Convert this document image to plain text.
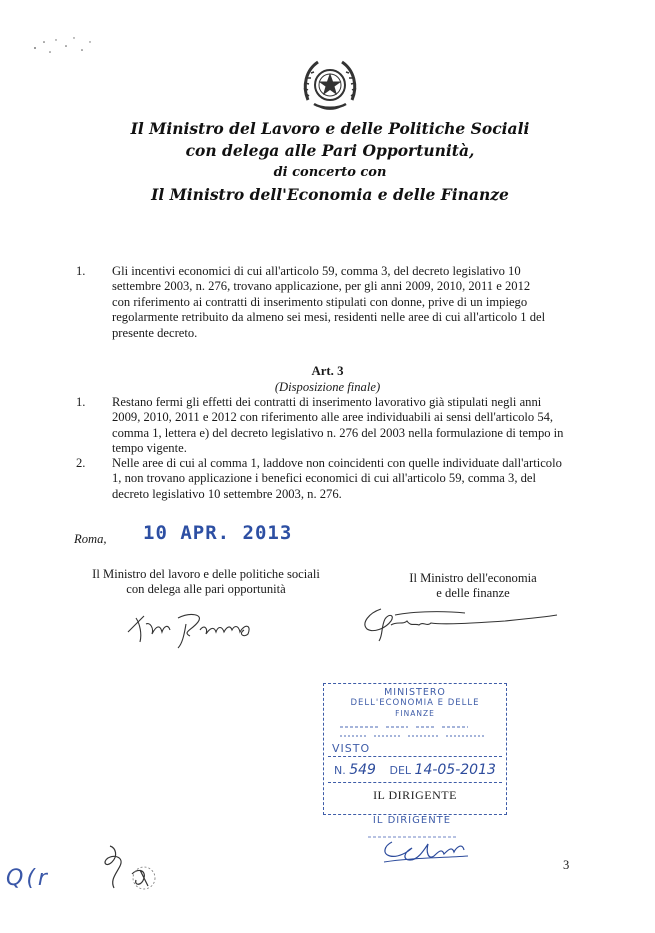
Il Ministro del Lavoro e delle Politiche Sociali
con delega alle Pari Opportunità,
di concerto con
Il Ministro dell'Economia e delle Finanze
1. Gli incentivi economici di cui all'articolo 59, comma 3, del decreto legislativo 10
settembre 2003, n. 276, trovano applicazione, per gli anni 2009, 2010, 2011 e 2012
con riferimento ai contratti di inserimento stipulati con donne, prive di un impiego
regolarmente retribuito da almeno sei mesi, residenti nelle aree di cui all'articolo 1 del
presente decreto.
Art. 3
(Disposizione finale)
1. Restano fermi gli effetti dei contratti di inserimento lavorativo già stipulati negli anni
2009, 2010, 2011 e 2012 con riferimento alle aree individuabili ai sensi dell'articolo 54,
comma 1, lettera e) del decreto legislativo n. 276 del 2003 nella formulazione di tempo in
tempo vigente.
2. Nelle aree di cui al comma 1, laddove non coincidenti con quelle individuate dall'articolo
1, non trovano applicazione i benefici economici di cui all'articolo 59, comma 3, del
decreto legislativo 10 settembre 2003, n. 276.
Roma, 10 APR. 2013
Il Ministro del lavoro e delle politiche sociali
con delega alle pari opportunità
Il Ministro dell'economia
e delle finanze
MINISTERO
DELL'ECONOMIA E DELLE
FINANZE
VISTO
N. 549 DEL 14-05-2013
IL DIRIGENTE
IL DIRIGENTE
Q(r
3
